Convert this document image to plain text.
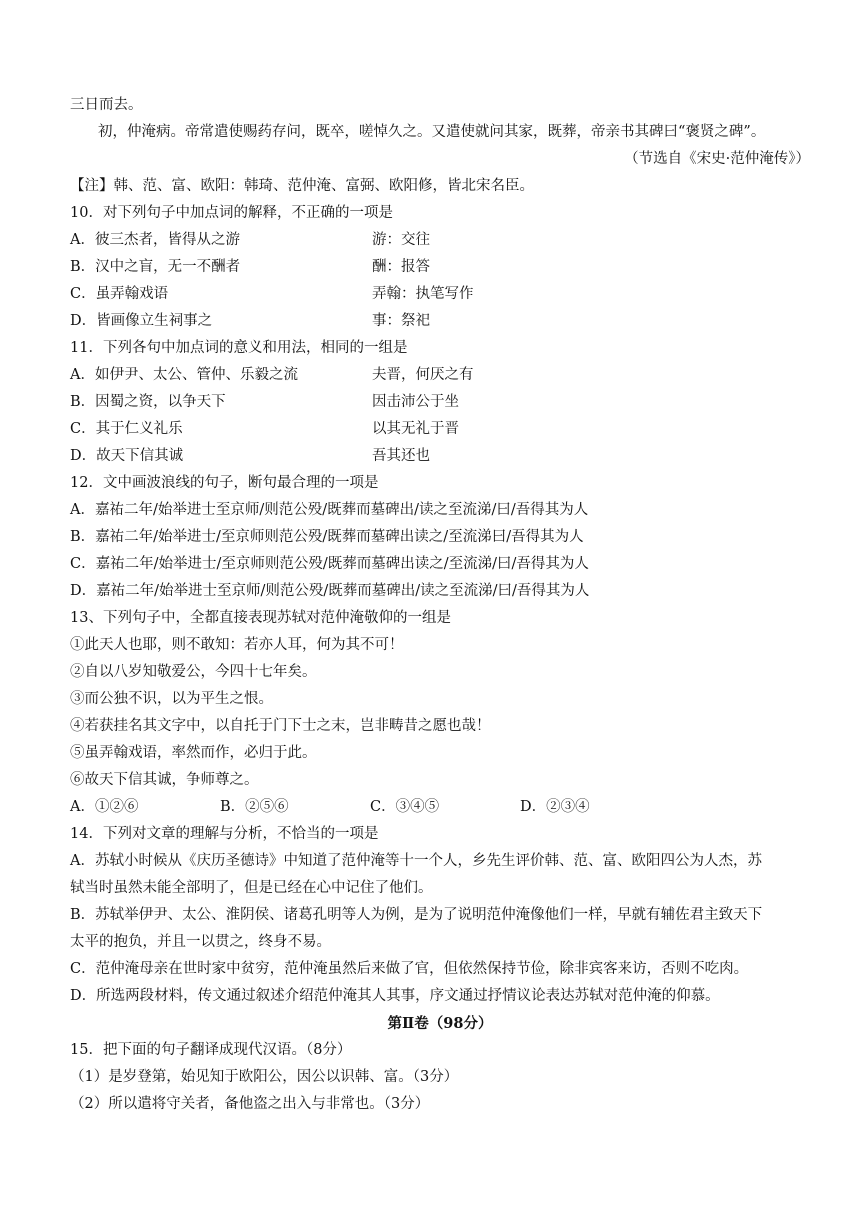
三日而去。
初，仲淹病。帝常遣使赐药存问，既卒，嗟悼久之。又遣使就问其家，既葬，帝亲书其碑曰“褒贤之碑”。
（节选自《宋史·范仲淹传》）
【注】韩、范、富、欧阳：韩琦、范仲淹、富弼、欧阳修，皆北宋名臣。
10．对下列句子中加点词的解释，不正确的一项是
A．彼三杰者，皆得从之游	游：交往
B．汉中之盲，无一不酬者	酬：报答
C．虽弄翰戏语	弄翰：执笔写作
D．皆画像立生祠事之	事：祭祀
11．下列各句中加点词的意义和用法，相同的一组是
A．如伊尹、太公、管仲、乐毅之流	夫晋，何厌之有
B．因蜀之资，以争天下	因击沛公于坐
C．其于仁义礼乐	以其无礼于晋
D．故天下信其诚	吾其还也
12．文中画波浪线的句子，断句最合理的一项是
A．嘉祐二年/始举进士至京师/则范公殁/既葬而墓碑出/读之至流涕/曰/吾得其为人
B．嘉祐二年/始举进士/至京师则范公殁/既葬而墓碑出读之/至流涕曰/吾得其为人
C．嘉祐二年/始举进士/至京师则范公殁/既葬而墓碑出读之/至流涕/曰/吾得其为人
D．嘉祐二年/始举进士至京师/则范公殁/既葬而墓碑出/读之至流涕/曰/吾得其为人
13、下列句子中，全都直接表现苏轼对范仲淹敬仰的一组是
①此天人也耶，则不敢知：若亦人耳，何为其不可！
②自以八岁知敬爱公，今四十七年矣。
③而公独不识，以为平生之恨。
④若获挂名其文字中，以自托于门下士之末，岂非畴昔之愿也哉！
⑤虽弄翰戏语，率然而作，必归于此。
⑥故天下信其诚，争师尊之。
A．①②⑥	B．②⑤⑥	C．③④⑤	D．②③④
14．下列对文章的理解与分析，不恰当的一项是
A．苏轼小时候从《庆历圣德诗》中知道了范仲淹等十一个人，乡先生评价韩、范、富、欧阳四公为人杰，苏
轼当时虽然未能全部明了，但是已经在心中记住了他们。
B．苏轼举伊尹、太公、淮阴侯、诸葛孔明等人为例，是为了说明范仲淹像他们一样，早就有辅佐君主致天下
太平的抱负，并且一以贯之，终身不易。
C．范仲淹母亲在世时家中贫穷，范仲淹虽然后来做了官，但依然保持节俭，除非宾客来访，否则不吃肉。
D．所选两段材料，传文通过叙述介绍范仲淹其人其事，序文通过抒情议论表达苏轼对范仲淹的仰慕。
第Ⅱ卷（98分）
15．把下面的句子翻译成现代汉语。（8分）
（1）是岁登第，始见知于欧阳公，因公以识韩、富。（3分）
（2）所以遣将守关者，备他盗之出入与非常也。（3分）
